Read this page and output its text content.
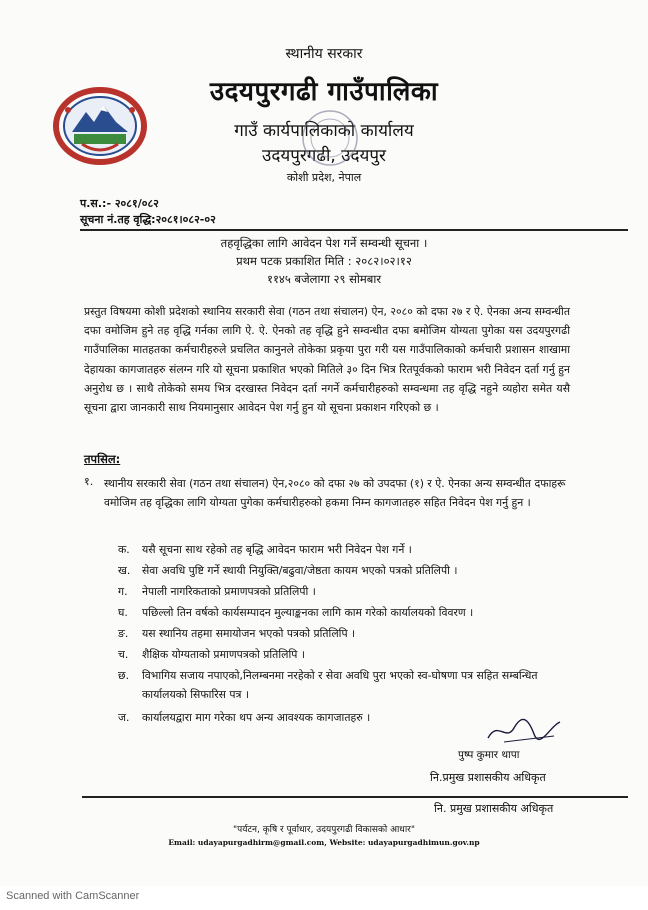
स्थानीय सरकार
उदयपुरगढी गाउँपालिका
गाउँ कार्यपालिकाको कार्यालय
उदयपुरगढी, उदयपुर
कोशी प्रदेश, नेपाल
प.स.:- २०८१/०८२
सूचना नं.तह वृद्धि:२०८१।०८२-०२
तहवृद्धिका लागि आवेदन पेश गर्ने सम्वन्धी सूचना ।
प्रथम पटक प्रकाशित मिति : २०८२।०२।१२
११४५ बजेलागा २९ सोमबार
प्रस्तुत विषयमा कोशी प्रदेशको स्थानिय सरकारी सेवा (गठन तथा संचालन) ऐन, २०८० को दफा २७ र ऐ. ऐनका अन्य सम्वन्धीत दफा वमोजिम हुने तह वृद्धि गर्नका लागि ऐ. ऐ. ऐनको तह वृद्धि हुने सम्वन्धीत दफा बमोजिम योग्यता पुगेका यस उदयपुरगढी गाउँपालिका मातहतका कर्मचारीहरुले प्रचलित कानुनले तोकेका प्रकृया पुरा गरी यस गाउँपालिकाको कर्मचारी प्रशासन शाखामा देहायका कागजातहरु संलग्न गरि यो सूचना प्रकाशित भएको मितिले ३० दिन भित्र रितपूर्वकको फाराम भरी निवेदन दर्ता गर्नु हुन अनुरोध छ । साथै तोकेको समय भित्र दरखास्त निवेदन दर्ता नगर्ने कर्मचारीहरुको सम्वन्धमा तह वृद्धि नहुने व्यहोरा समेत यसै सूचना द्वारा जानकारी साथ नियमानुसार आवेदन पेश गर्नु हुन यो सूचना प्रकाशन गरिएको छ ।
तपसिल:
१. स्थानीय सरकारी सेवा (गठन तथा संचालन) ऐन,२०८० को दफा २७ को उपदफा (१) र ऐ. ऐनका अन्य सम्वन्धीत दफाहरू वमोजिम तह वृद्धिका लागि योग्यता पुगेका कर्मचारीहरुको हकमा निम्न कागजातहरु सहित निवेदन पेश गर्नु हुन ।
क. यसै सूचना साथ रहेको तह बृद्धि आवेदन फाराम भरी निवेदन पेश गर्ने ।
ख. सेवा अवधि पुष्टि गर्ने स्थायी नियुक्ति/बढुवा/जेष्ठता कायम भएको पत्रको प्रतिलिपी ।
ग. नेपाली नागरिकताको प्रमाणपत्रको प्रतिलिपी ।
घ. पछिल्लो तिन वर्षको कार्यसम्पादन मुल्याङ्कनका लागि काम गरेको कार्यालयको विवरण ।
ङ. यस स्थानिय तहमा समायोजन भएको पत्रको प्रतिलिपि ।
च. शैक्षिक योग्यताको प्रमाणपत्रको प्रतिलिपि ।
छ. विभागिय सजाय नपाएको,निलम्बनमा नरहेको र सेवा अवधि पुरा भएको स्व-घोषणा पत्र सहित सम्बन्धित कार्यालयको सिफारिस पत्र ।
ज. कार्यालयद्वारा माग गरेका थप अन्य आवश्यक कागजातहरु ।
पुष्प कुमार थापा
नि.प्रमुख प्रशासकीय अधिकृत
नि. प्रमुख प्रशासकीय अधिकृत
"पर्यटन, कृषि र पूर्वाधार, उदयपुरगढी विकासको आधार"
Email: udayapurgadhirm@gmail.com, Website: udayapurgadhimun.gov.np
Scanned with CamScanner
